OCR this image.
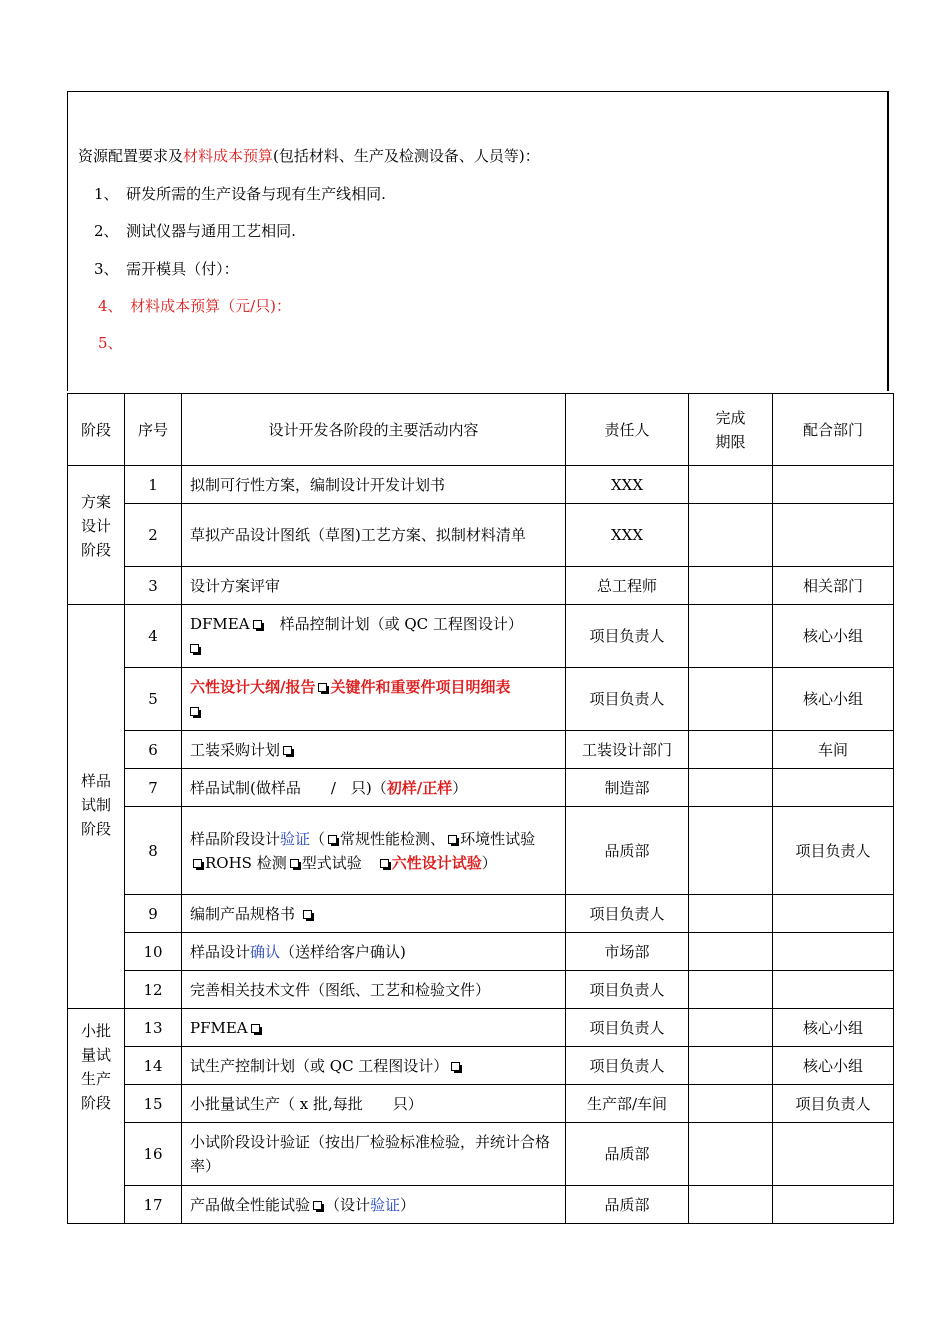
资源配置要求及材料成本预算(包括材料、生产及检测设备、人员等)：
1、　 研发所需的生产设备与现有生产线相同.
2、　 测试仪器与通用工艺相同.
3、　 需开模具（付）：
4、　 材料成本预算（元/只)：
5、
阶段	序号	设计开发各阶段的主要活动内容	责任人	完成期限	配合部门
方案设计阶段	1	拟制可行性方案，编制设计开发计划书	XXX		
	2	草拟产品设计图纸（草图)工艺方案、拟制材料清单	XXX		
	3	设计方案评审	总工程师		相关部门
样品试制阶段	4	DFMEA　 样品控制计划（或 QC 工程图设计）	项目负责人		核心小组
	5	六性设计大纲/报告 关键件和重要件项目明细表	项目负责人		核心小组
	6	工装采购计划	工装设计部门		车间
	7	样品试制(做样品　　/　只)（初样/正样）	制造部		
	8	样品阶段设计验证（ 常规性能检测、 环境性试验　ROHS 检测 型式试验　六性设计试验）	品质部		项目负责人
	9	编制产品规格书	项目负责人		
	10	样品设计确认（送样给客户确认)	市场部		
	12	完善相关技术文件（图纸、工艺和检验文件）	项目负责人		
小批量试生产阶段	13	PFMEA	项目负责人		核心小组
	14	试生产控制计划（或 QC 工程图设计）	项目负责人		核心小组
	15	小批量试生产（ x 批,每批　　只）	生产部/车间		项目负责人
	16	小试阶段设计验证（按出厂检验标准检验，并统计合格率）	品质部		
	17	产品做全性能试验 （设计验证）	品质部		
